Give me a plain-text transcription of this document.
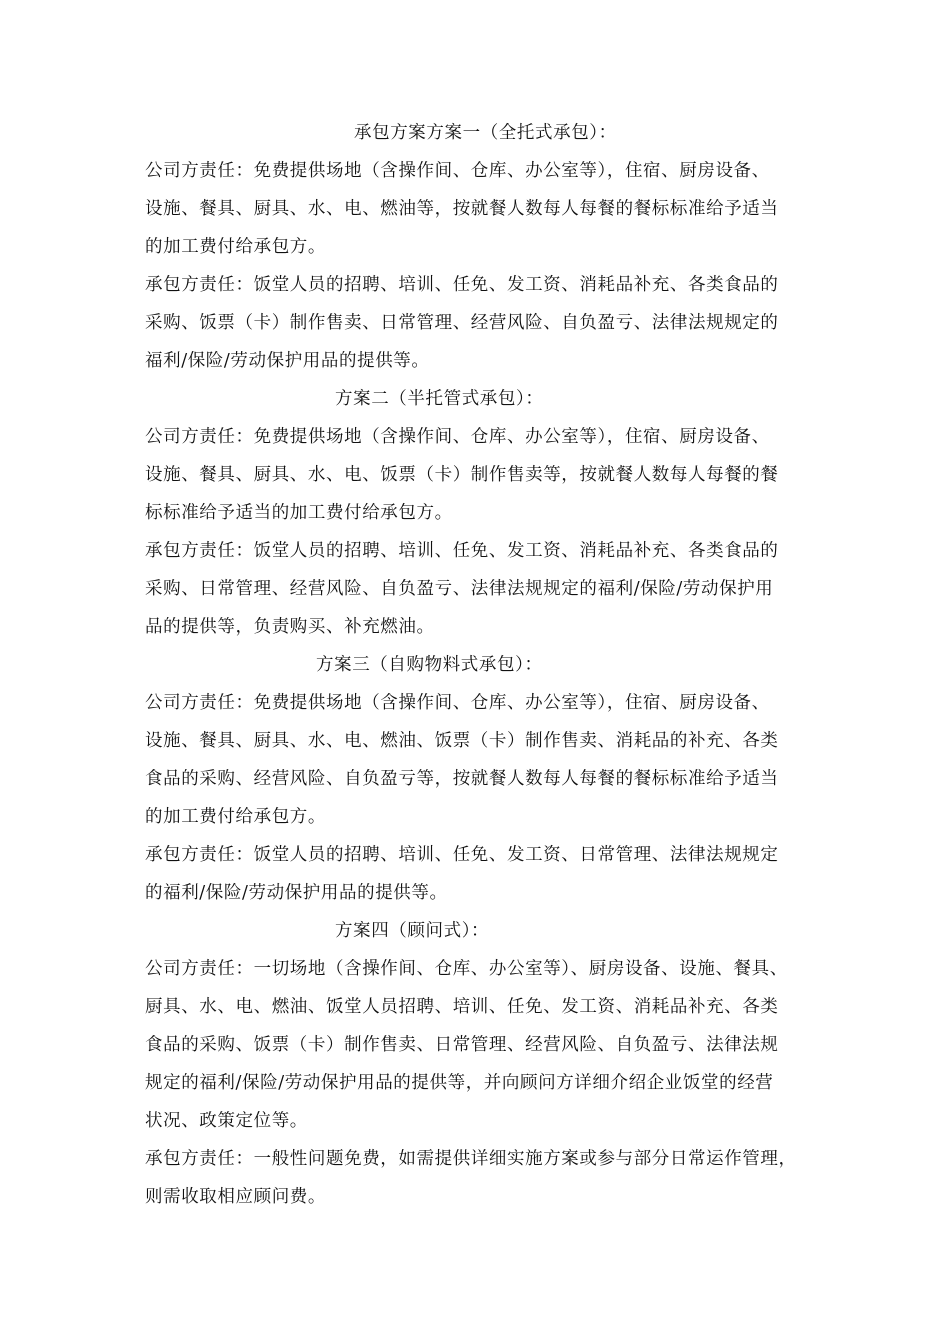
承包方案方案一（全托式承包）：

公司方责任：免费提供场地（含操作间、仓库、办公室等），住宿、厨房设备、
设施、餐具、厨具、水、电、燃油等，按就餐人数每人每餐的餐标标准给予适当
的加工费付给承包方。

承包方责任：饭堂人员的招聘、培训、任免、发工资、消耗品补充、各类食品的
采购、饭票（卡）制作售卖、日常管理、经营风险、自负盈亏、法律法规规定的
福利/保险/劳动保护用品的提供等。

方案二（半托管式承包）：

公司方责任：免费提供场地（含操作间、仓库、办公室等），住宿、厨房设备、
设施、餐具、厨具、水、电、饭票（卡）制作售卖等，按就餐人数每人每餐的餐
标标准给予适当的加工费付给承包方。

承包方责任：饭堂人员的招聘、培训、任免、发工资、消耗品补充、各类食品的
采购、日常管理、经营风险、自负盈亏、法律法规规定的福利/保险/劳动保护用
品的提供等，负责购买、补充燃油。

方案三（自购物料式承包）：

公司方责任：免费提供场地（含操作间、仓库、办公室等），住宿、厨房设备、
设施、餐具、厨具、水、电、燃油、饭票（卡）制作售卖、消耗品的补充、各类
食品的采购、经营风险、自负盈亏等，按就餐人数每人每餐的餐标标准给予适当
的加工费付给承包方。

承包方责任：饭堂人员的招聘、培训、任免、发工资、日常管理、法律法规规定
的福利/保险/劳动保护用品的提供等。

方案四（顾问式）：

公司方责任：一切场地（含操作间、仓库、办公室等）、厨房设备、设施、餐具、
厨具、水、电、燃油、饭堂人员招聘、培训、任免、发工资、消耗品补充、各类
食品的采购、饭票（卡）制作售卖、日常管理、经营风险、自负盈亏、法律法规
规定的福利/保险/劳动保护用品的提供等，并向顾问方详细介绍企业饭堂的经营
状况、政策定位等。

承包方责任：一般性问题免费，如需提供详细实施方案或参与部分日常运作管理，
则需收取相应顾问费。
